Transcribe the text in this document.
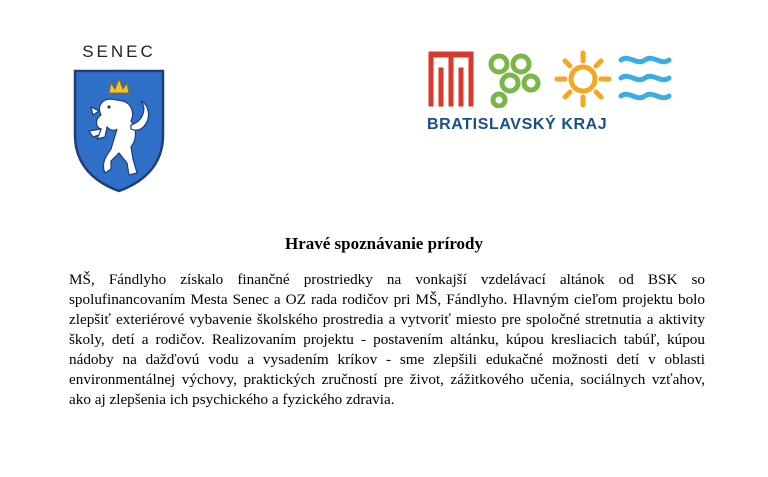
SENEC
BRATISLAVSKÝ KRAJ
Hravé spoznávanie prírody

MŠ, Fándlyho získalo finančné prostriedky na vonkajší vzdelávací altánok od BSK so spolufinancovaním Mesta Senec a OZ rada rodičov pri MŠ, Fándlyho. Hlavným cieľom projektu bolo zlepšiť exteriérové vybavenie školského prostredia a vytvoriť miesto pre spoločné stretnutia a aktivity školy, detí a rodičov. Realizovaním projektu - postavením altánku, kúpou kresliacich tabúľ, kúpou nádoby na dažďovú vodu a vysadením kríkov - sme zlepšili edukačné možnosti detí v oblasti environmentálnej výchovy, praktických zručností pre život, zážitkového učenia, sociálnych vzťahov, ako aj zlepšenia ich psychického a fyzického zdravia.
